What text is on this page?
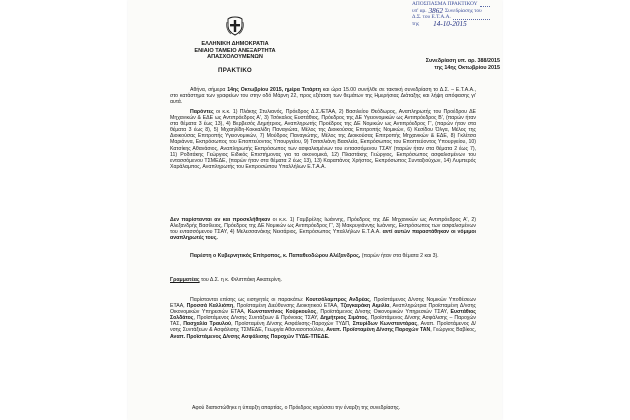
ΕΛΛΗΝΙΚΗ ΔΗΜΟΚΡΑΤΙΑ
ΕΝΙΑΙΟ ΤΑΜΕΙΟ ΑΝΕΞΑΡΤΗΤΑ
ΑΠΑΣΧΟΛΟΥΜΕΝΩΝ
ΠΡΑΚΤΙΚΟ
ΑΠΟΣΠΑΣΜΑ ΠΡΑΚΤΙΚΟΥ
υπ' αρ. 3862 Συνεδρίασης του
Δ.Σ. του Ε.Τ.Α.Α.
της	14-10-2015
Συνεδρίαση υπ. αρ. 388/2015
της 14ης Οκτωβρίου 2015

Αθήνα, σήμερα 14ης Οκτωβρίου 2015, ημέρα Τετάρτη και ώρα 15.00 συνήλθε σε τακτική συνεδρίαση το Δ.Σ. – Ε.Τ.Α.Α., στο κατάστημα των γραφείων του στην οδό Μάρνη 22, προς εξέταση των θεμάτων της Ημερήσιας Διάταξης και λήψη απόφασης γι' αυτά.

Παρόντες οι κ.κ. 1) Πλάκης Στυλιανός, Πρόεδρος Δ.Σ./ΕΤΑΑ, 2) Βασιλείου Θεόδωρος, Αναπληρωτής του Προέδρου ΔΕ Μηχανικών & ΕΔΕ ως Αντιπρόεδρος Α', 3) Τσόκαλος Ευστάθιος, Πρόεδρος της ΔΕ Υγειονομικών ως Αντιπρόεδρος Β', (παρών ήταν στα θέματα 3 έως 13), 4) Βερβεσός Δημήτριος, Αναπληρωτής Προέδρος της ΔΕ Νομικών ως Αντιπρόεδρος Γ', (παρών ήταν στα θέματα 3 έως 8), 5) Μιχαηλίδη-Κοκκαλίδη Παναγιώτα, Μέλος της Διοικούσας Επιτροπής Νομικών, 6) Κεσίδου Όλγα, Μέλος της Διοικούσας Επιτροπής Υγειονομικών, 7) Μούδρος Παναγιώτης, Μέλος της Διοικούσας Επιτροπής Μηχανικών & ΕΔΕ, 8) Γκλέτσα Μαριάννα, Εκπρόσωπος του Εποπτεύοντος Υπουργείου, 9) Τσιτσιλιάνη Βασιλεία, Εκπρόσωπος του Εποπτεύοντος Υπουργείου, 10) Κατσίκης Αθανάσιος, Αναπληρωτής Εκπρόσωπος των ασφαλισμένων του εντασσόμενου ΤΣΑΥ (παρών ήταν στα θέματα 2 έως 7), 11) Ροδιτάκης Γεώργιος Ειδικός Επιστήμονας για τα οικονομικά, 12) Πλαστάκης Γεώργιος, Εκπρόσωπος ασφαλισμένων του εντασσόμενου ΤΣΜΕΔΕ, (παρών ήταν στα θέματα 2 έως 13), 13) Καραπάνος Χρήστος, Εκπρόσωπος Συνταξιούχων, 14) Λυμπερός Χαράλαμπος, Αναπληρωτής του Εκπροσώπου Υπαλλήλων Ε.Τ.Α.Α.

Δεν παρίστανται αν και προσκλήθηκαν οι κ.κ. 1) Γαμβρέλης Ιωάννης, Πρόεδρος της ΔΕ Μηχανικών ως Αντιπρόεδρος Α', 2) Αλεξανδρής Βασίλειος, Πρόεδρος της ΔΕ Νομικών ως Αντιπρόεδρος Γ', 3) Μακρυγιάννης Ιωάννης, Εκπρόσωπος των ασφαλισμένων του εντασσόμενου ΤΣΑΥ, 4) Μελεσσανάκης Νεκτάριος, Εκπρόσωπος Υπαλλήλων Ε.Τ.Α.Α. αντί αυτών παραστάθηκαν οι νόμιμοι αναπληρωτές τους.

Παρέστη ο Κυβερνητικός Επίτροπος, κ. Παπαθεοδώρου Αλέξανδρος, (παρών ήταν στα θέματα 2 και 3).

Γραμματέας του Δ.Σ. η κ. Φιλιππάκη Αικατερίνη.

Παρίστανται επίσης ως εισηγητές οι παρακάτω: Κουτσόλαμπρος Ανδρέας, Προϊστάμενος Δ/νσης Νομικών Υποθέσεων ΕΤΑΑ, Προσσά Καλλιόπη, Προϊσταμένη Διεύθυνσης Διοικητικού ΕΤΑΑ, Τζαγκαράκη Αιμιλία, Αναπληρώτρια Προϊσταμένη Δ/νσης Οικονομικών Υπηρεσιών ΕΤΑΑ, Κωνσταντίνος Κούρκουλος, Προϊστάμενος Δ/νσης Οικονομικών Υπηρεσιών ΤΣΑΥ, Ευστάθιος Σολδάτος, Προϊστάμενος Δ/νσης Συντάξεων & Πρόνοιας ΤΣΑΥ, Δημήτριος Σιμάτος, Προϊστάμενος Δ/νσης Ασφάλισης – Παροχών ΤΑΣ, Πασχαλία Τραυλού, Προϊσταμένη Δ/νσης Ασφάλισης-Παροχών ΤΥΔΠ, Σπυρίδων Κωνσταντάρας, Αναπ. Προϊστάμενος Δ/νσης Συντάξεων & Ασφάλισης ΤΣΜΕΔΕ, Γεωργία Αθανασοπούλου, Αναπ. Προϊσταμένη Δ/νσης Παροχών ΤΑΝ, Γεώργιος Βαβίκος, Αναπ. Προϊστάμενος Δ/νσης Ασφάλισης Παροχών ΤΥΔΕ-ΤΠΕΔΕ.

Αφού διαπιστώθηκε η ύπαρξη απαρτίας, ο Πρόεδρος κηρύσσει την έναρξη της συνεδρίασης.
